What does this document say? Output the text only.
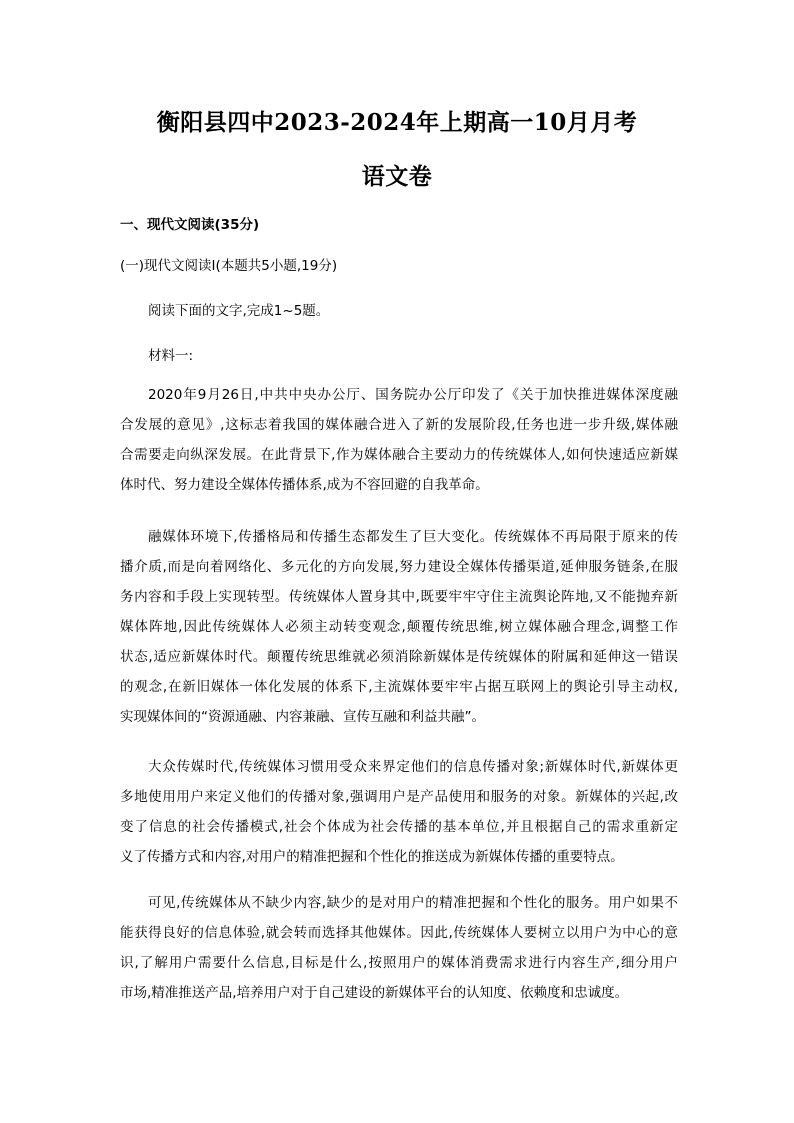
衡阳县四中2023-2024年上期高一10月月考
语文卷
一、现代文阅读(35分)
(一)现代文阅读Ⅰ(本题共5小题,19分)
阅读下面的文字,完成1~5题。
材料一:
2020年9月26日,中共中央办公厅、国务院办公厅印发了《关于加快推进媒体深度融
合发展的意见》,这标志着我国的媒体融合进入了新的发展阶段,任务也进一步升级,媒体融
合需要走向纵深发展。在此背景下,作为媒体融合主要动力的传统媒体人,如何快速适应新媒
体时代、努力建设全媒体传播体系,成为不容回避的自我革命。
融媒体环境下,传播格局和传播生态都发生了巨大变化。传统媒体不再局限于原来的传
播介质,而是向着网络化、多元化的方向发展,努力建设全媒体传播渠道,延伸服务链条,在服
务内容和手段上实现转型。传统媒体人置身其中,既要牢牢守住主流舆论阵地,又不能抛弃新
媒体阵地,因此传统媒体人必须主动转变观念,颠覆传统思维,树立媒体融合理念,调整工作
状态,适应新媒体时代。颠覆传统思维就必须消除新媒体是传统媒体的附属和延伸这一错误
的观念,在新旧媒体一体化发展的体系下,主流媒体要牢牢占据互联网上的舆论引导主动权,
实现媒体间的“资源通融、内容兼融、宣传互融和利益共融”。
大众传媒时代,传统媒体习惯用受众来界定他们的信息传播对象;新媒体时代,新媒体更
多地使用用户来定义他们的传播对象,强调用户是产品使用和服务的对象。新媒体的兴起,改
变了信息的社会传播模式,社会个体成为社会传播的基本单位,并且根据自己的需求重新定
义了传播方式和内容,对用户的精准把握和个性化的推送成为新媒体传播的重要特点。
可见,传统媒体从不缺少内容,缺少的是对用户的精准把握和个性化的服务。用户如果不
能获得良好的信息体验,就会转而选择其他媒体。因此,传统媒体人要树立以用户为中心的意
识,了解用户需要什么信息,目标是什么,按照用户的媒体消费需求进行内容生产,细分用户
市场,精准推送产品,培养用户对于自己建设的新媒体平台的认知度、依赖度和忠诚度。
